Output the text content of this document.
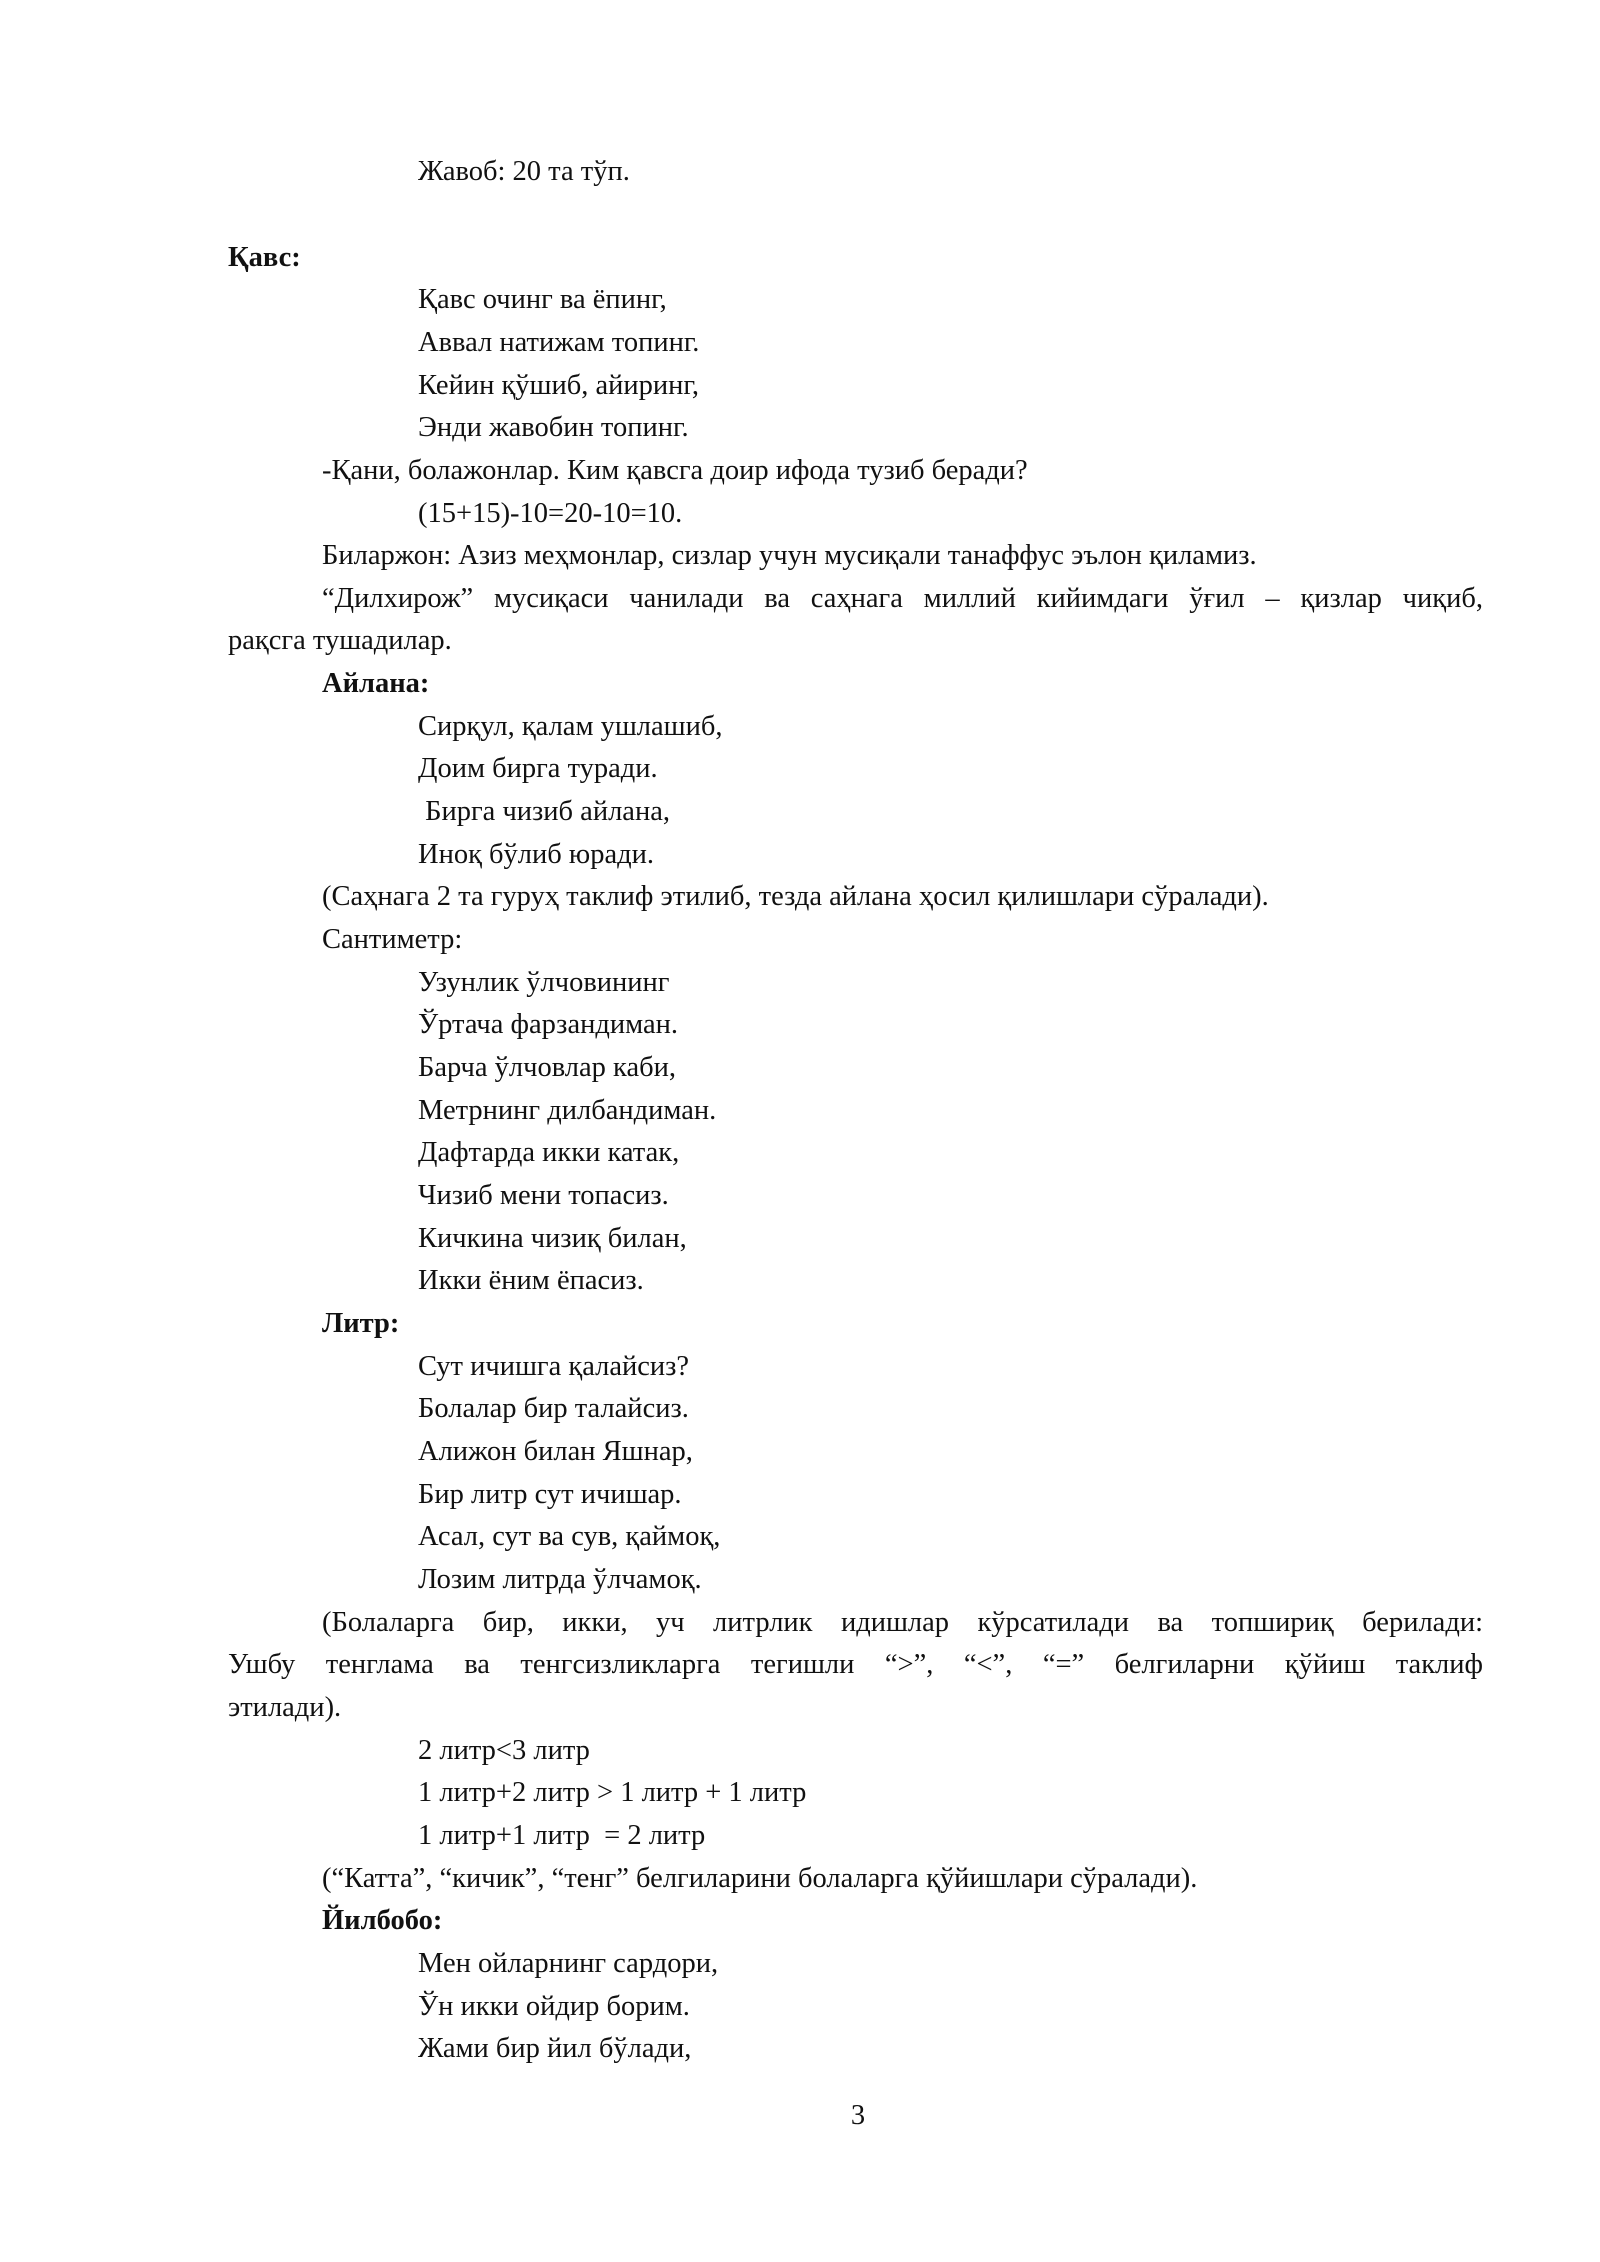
Жавоб: 20 та тўп.
Қавс:
Қавс очинг ва ёпинг,
Аввал натижам топинг.
Кейин қўшиб, айиринг,
Энди жавобин топинг.
-Қани, болажонлар. Ким қавсга доир ифода тузиб беради?
(15+15)-10=20-10=10.
Биларжон: Азиз меҳмонлар, сизлар учун мусиқали танаффус эълон қиламиз.
“Дилхирож” мусиқаси чанилади ва саҳнага миллий кийимдаги ўғил – қизлар чиқиб,
рақсга тушадилар.
Айлана:
Сирқул, қалам ушлашиб,
Доим бирга туради.
Бирга чизиб айлана,
Иноқ бўлиб юради.
(Саҳнага 2 та гуруҳ таклиф этилиб, тезда айлана ҳосил қилишлари сўралади).
Сантиметр:
Узунлик ўлчовининг
Ўртача фарзандиман.
Барча ўлчовлар каби,
Метрнинг дилбандиман.
Дафтарда икки катак,
Чизиб мени топасиз.
Кичкина чизиқ билан,
Икки ёним ёпасиз.
Литр:
Сут ичишга қалайсиз?
Болалар бир талайсиз.
Алижон билан Яшнар,
Бир литр сут ичишар.
Асал, сут ва сув, қаймоқ,
Лозим литрда ўлчамоқ.
(Болаларга бир, икки, уч литрлик идишлар кўрсатилади ва топшириқ берилади:
Ушбу тенглама ва тенгсизликларга тегишли “>”, “<”, “=” белгиларни қўйиш таклиф
этилади).
2 литр<3 литр
1 литр+2 литр > 1 литр + 1 литр
1 литр+1 литр  = 2 литр
(“Катта”, “кичик”, “тенг” белгиларини болаларга қўйишлари сўралади).
Йилбобо:
Мен ойларнинг сардори,
Ўн икки ойдир борим.
Жами бир йил бўлади,
3
